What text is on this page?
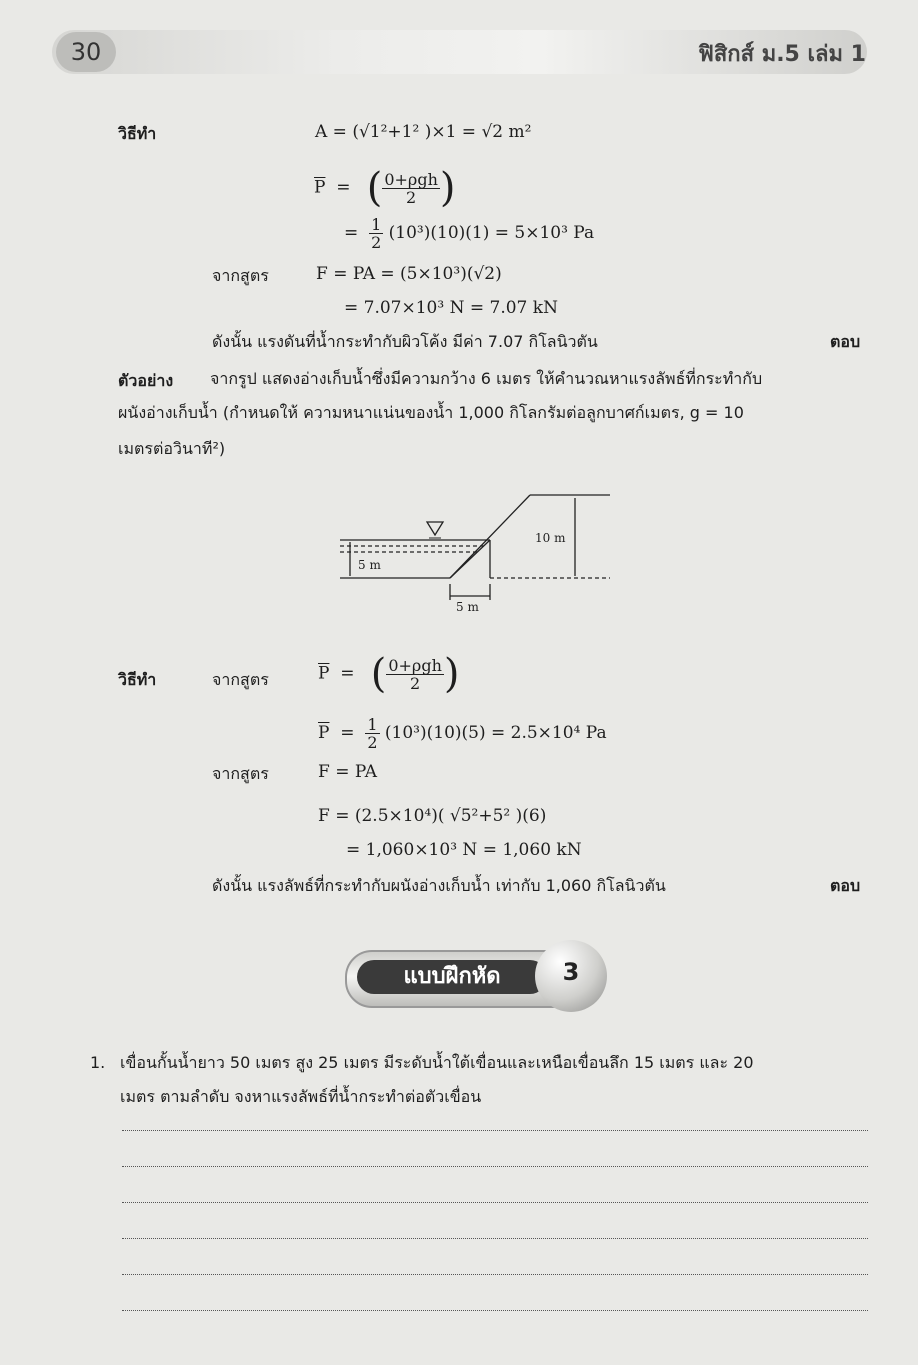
30	ฟิสิกส์ ม.5 เล่ม 1
วิธีทำ	A = (√1²+1² )×1 = √2 m²
$\overline{P}$  =   ( $\frac{\text{0+ρgh}}{2}$ )
= $\frac{1}{2} (10^3)(10)(1) = 5\times 10^3$ Pa
จากสูตร	F = PA = (5×10³)(√2)
= 7.07×10³ N = 7.07 kN
ดังนั้น แรงดันที่น้ำกระทำกับผิวโค้ง มีค่า 7.07 กิโลนิวตัน	ตอบ
ตัวอย่าง จากรูป แสดงอ่างเก็บน้ำซึ่งมีความกว้าง 6 เมตร ให้คำนวณหาแรงลัพธ์ที่กระทำกับ
ผนังอ่างเก็บน้ำ (กำหนดให้ ความหนาแน่นของน้ำ 1,000 กิโลกรัมต่อลูกบาศก์เมตร, g = 10
เมตรต่อวินาที²)
10 m
5 m
5 m
วิธีทำ	จากสูตร	$\overline{P}$  =   ( $\frac{\text{0+ρgh}}{2}$ )
$\overline{P} = \frac{1}{2} (10^3)(10)(5) = 2.5\times 10^4$ Pa
จากสูตร	F = PA
F = (2.5×10⁴)( √5²+5² )(6)
= 1,060×10³ N = 1,060 kN
ดังนั้น แรงลัพธ์ที่กระทำกับผนังอ่างเก็บน้ำ เท่ากับ 1,060 กิโลนิวตัน	ตอบ
แบบฝึกหัด	3
1. เขื่อนกั้นน้ำยาว 50 เมตร สูง 25 เมตร มีระดับน้ำใต้เขื่อนและเหนือเขื่อนลึก 15 เมตร และ 20
เมตร ตามลำดับ จงหาแรงลัพธ์ที่น้ำกระทำต่อตัวเขื่อน
